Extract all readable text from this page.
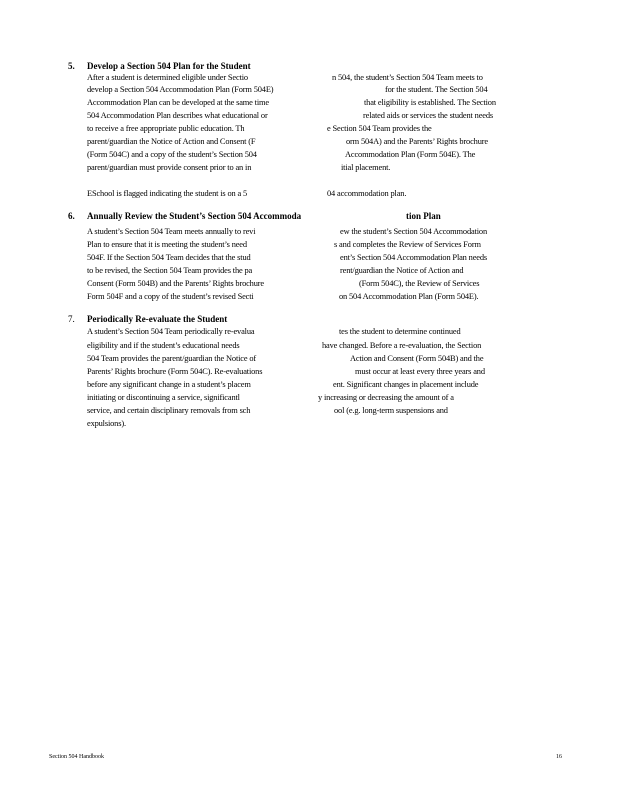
5. Develop a Section 504 Plan for the Student
After a student is determined eligible under Sectio	n 504, the student’s Section 504 Team meets to
develop a Section 504 Accommodation Plan (Form 504E)	for the student. The Section 504
Accommodation Plan can be developed at the same time	that eligibility is established. The Section
504 Accommodation Plan describes what educational or	related aids or services the student needs
to receive a free appropriate public education. Th	e Section 504 Team provides the
parent/guardian the Notice of Action and Consent (F	orm 504A) and the Parents’ Rights brochure
(Form 504C) and a copy of the student’s Section 504	Accommodation Plan (Form 504E). The
parent/guardian must provide consent prior to an in	itial placement.
ESchool is flagged indicating the student is on a 5	04 accommodation plan.
6. Annually Review the Student’s Section 504 Accommoda	tion Plan
A student’s Section 504 Team meets annually to revi	ew the student’s Section 504 Accommodation
Plan to ensure that it is meeting the student’s need	s and completes the Review of Services Form
504F. If the Section 504 Team decides that the stud	ent’s Section 504 Accommodation Plan needs
to be revised, the Section 504 Team provides the pa	rent/guardian the Notice of Action and
Consent (Form 504B) and the Parents’ Rights brochure	(Form 504C), the Review of Services
Form 504F and a copy of the student’s revised Secti	on 504 Accommodation Plan (Form 504E).
7. Periodically Re-evaluate the Student
A student’s Section 504 Team periodically re-evalua	tes the student to determine continued
eligibility and if the student’s educational needs	have changed. Before a re-evaluation, the Section
504 Team provides the parent/guardian the Notice of	Action and Consent (Form 504B) and the
Parents’ Rights brochure (Form 504C). Re-evaluations	must occur at least every three years and
before any significant change in a student’s placem	ent. Significant changes in placement include
initiating or discontinuing a service, significantl	y increasing or decreasing the amount of a
service, and certain disciplinary removals from sch	ool (e.g. long-term suspensions and
expulsions).
Section 504 Handbook	16
